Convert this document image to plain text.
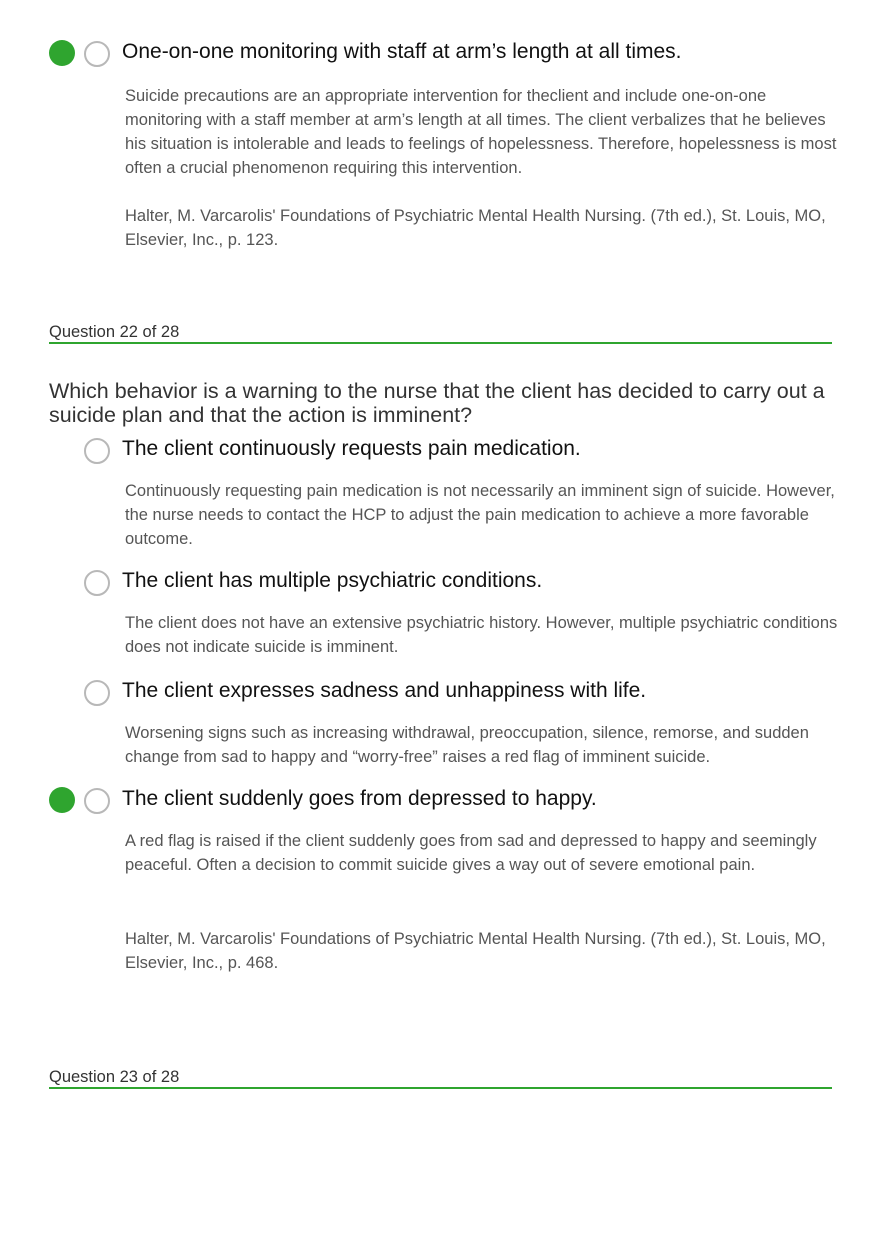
One-on-one monitoring with staff at arm’s length at all times.
Suicide precautions are an appropriate intervention for theclient and include one-on-one monitoring with a staff member at arm’s length at all times. The client verbalizes that he believes his situation is intolerable and leads to feelings of hopelessness. Therefore, hopelessness is most often a crucial phenomenon requiring this intervention.
Halter, M. Varcarolis' Foundations of Psychiatric Mental Health Nursing. (7th ed.), St. Louis, MO, Elsevier, Inc., p. 123.
Question 22 of 28
Which behavior is a warning to the nurse that the client has decided to carry out a suicide plan and that the action is imminent?
The client continuously requests pain medication.
Continuously requesting pain medication is not necessarily an imminent sign of suicide. However, the nurse needs to contact the HCP to adjust the pain medication to achieve a more favorable outcome.
The client has multiple psychiatric conditions.
The client does not have an extensive psychiatric history. However, multiple psychiatric conditions does not indicate suicide is imminent.
The client expresses sadness and unhappiness with life.
Worsening signs such as increasing withdrawal, preoccupation, silence, remorse, and sudden change from sad to happy and “worry-free” raises a red flag of imminent suicide.
The client suddenly goes from depressed to happy.
A red flag is raised if the client suddenly goes from sad and depressed to happy and seemingly peaceful. Often a decision to commit suicide gives a way out of severe emotional pain.
Halter, M. Varcarolis' Foundations of Psychiatric Mental Health Nursing. (7th ed.), St. Louis, MO, Elsevier, Inc., p. 468.
Question 23 of 28
